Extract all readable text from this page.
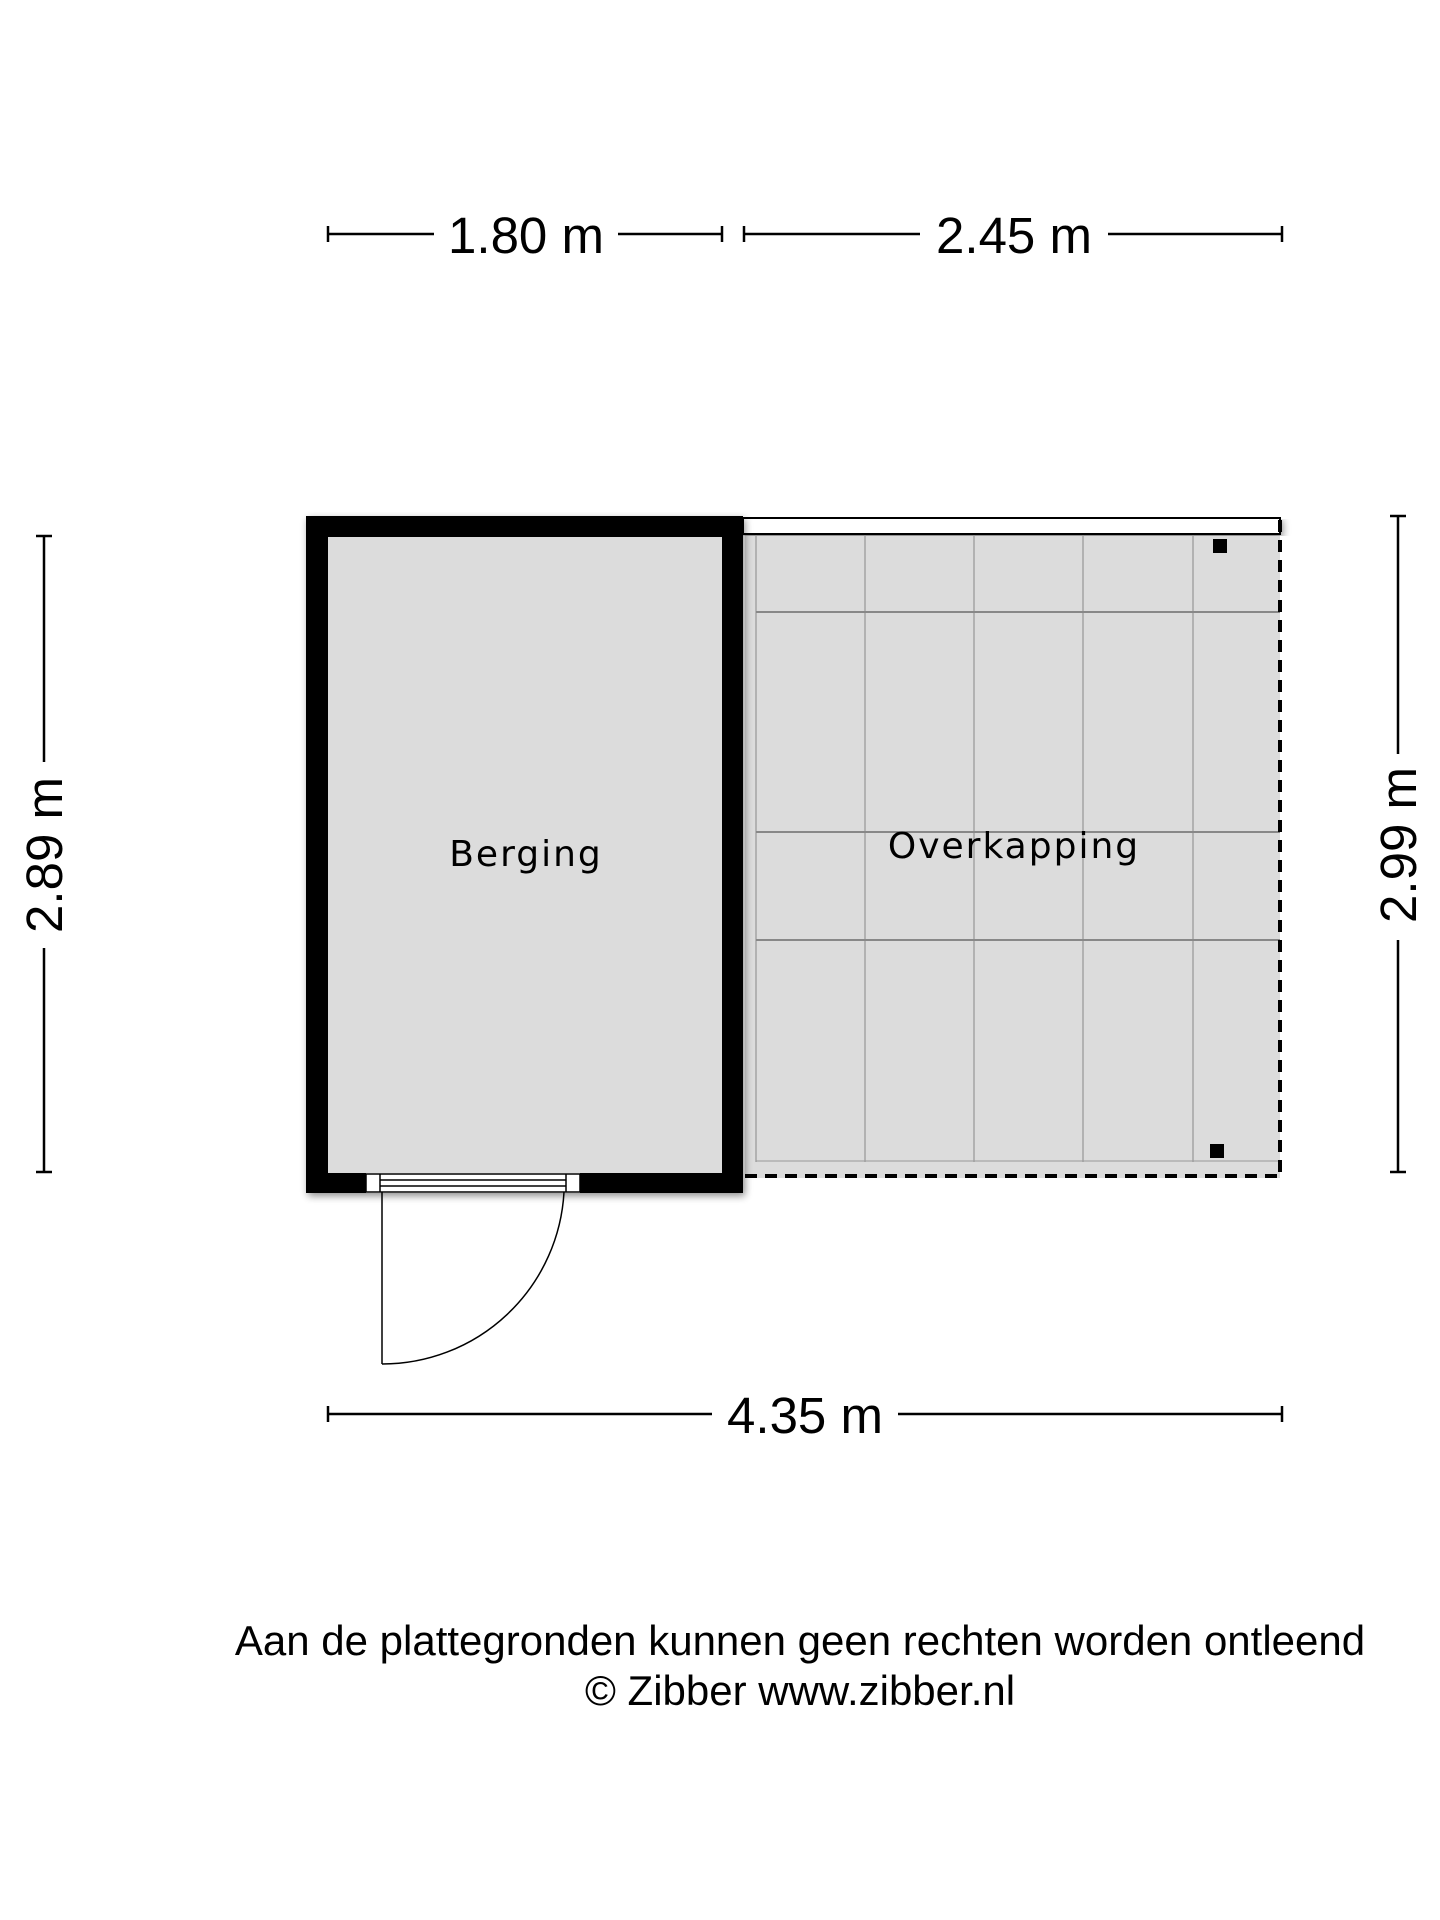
Berging	Overkapping
1.80 m	2.45 m
2.89 m	2.99 m
4.35 m
Aan de plattegronden kunnen geen rechten worden ontleend
© Zibber www.zibber.nl
